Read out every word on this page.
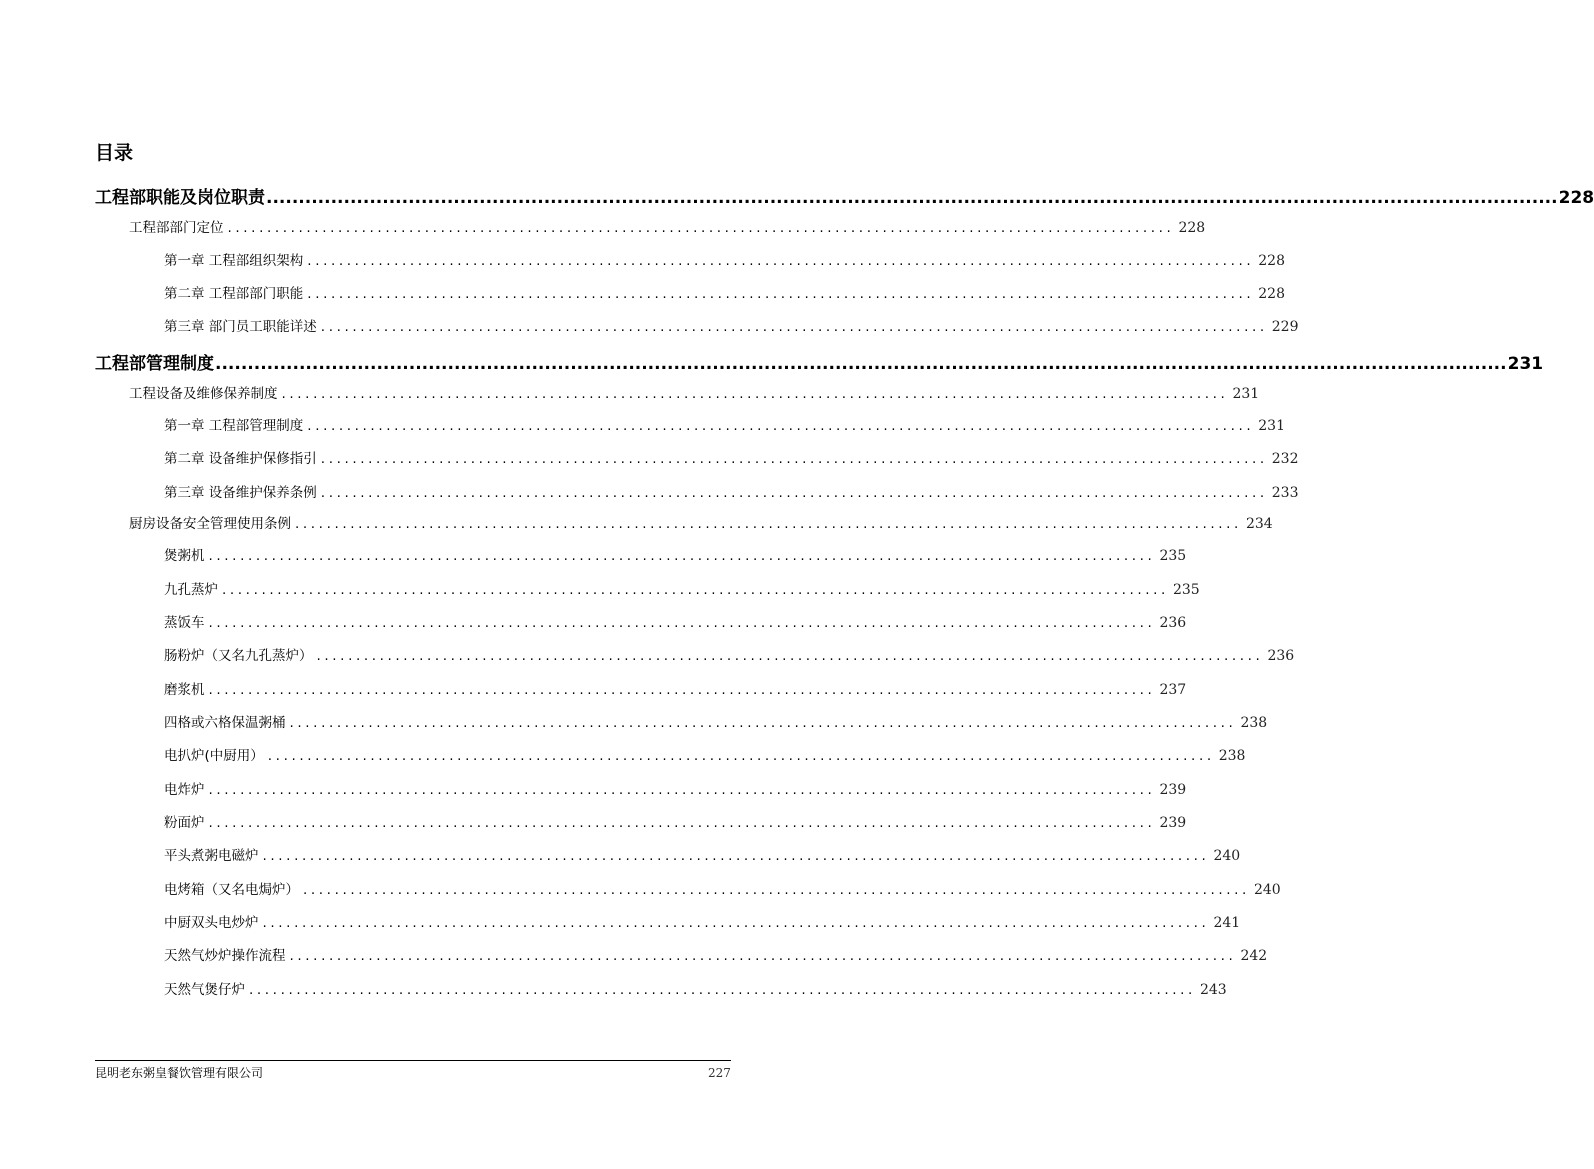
目录
工程部职能及岗位职责 ........................................................................................................................................................................................................ 228
工程部部门定位 ........................................................................................................................ 228
第一章 工程部组织架构 ........................................................................................................................ 228
第二章 工程部部门职能 ........................................................................................................................ 228
第三章 部门员工职能详述 ........................................................................................................................ 229
工程部管理制度 ........................................................................................................................................................................................................ 231
工程设备及维修保养制度 ........................................................................................................................ 231
第一章 工程部管理制度 ........................................................................................................................ 231
第二章 设备维护保修指引 ........................................................................................................................ 232
第三章 设备维护保养条例 ........................................................................................................................ 233
厨房设备安全管理使用条例 ........................................................................................................................ 234
煲粥机 ........................................................................................................................ 235
九孔蒸炉 ........................................................................................................................ 235
蒸饭车 ........................................................................................................................ 236
肠粉炉（又名九孔蒸炉） ........................................................................................................................ 236
磨浆机 ........................................................................................................................ 237
四格或六格保温粥桶 ........................................................................................................................ 238
电扒炉(中厨用） ........................................................................................................................ 238
电炸炉 ........................................................................................................................ 239
粉面炉 ........................................................................................................................ 239
平头煮粥电磁炉 ........................................................................................................................ 240
电烤箱（又名电焗炉） ........................................................................................................................ 240
中厨双头电炒炉 ........................................................................................................................ 241
天然气炒炉操作流程 ........................................................................................................................ 242
天然气煲仔炉 ........................................................................................................................ 243
昆明老东粥皇餐饮管理有限公司	227
